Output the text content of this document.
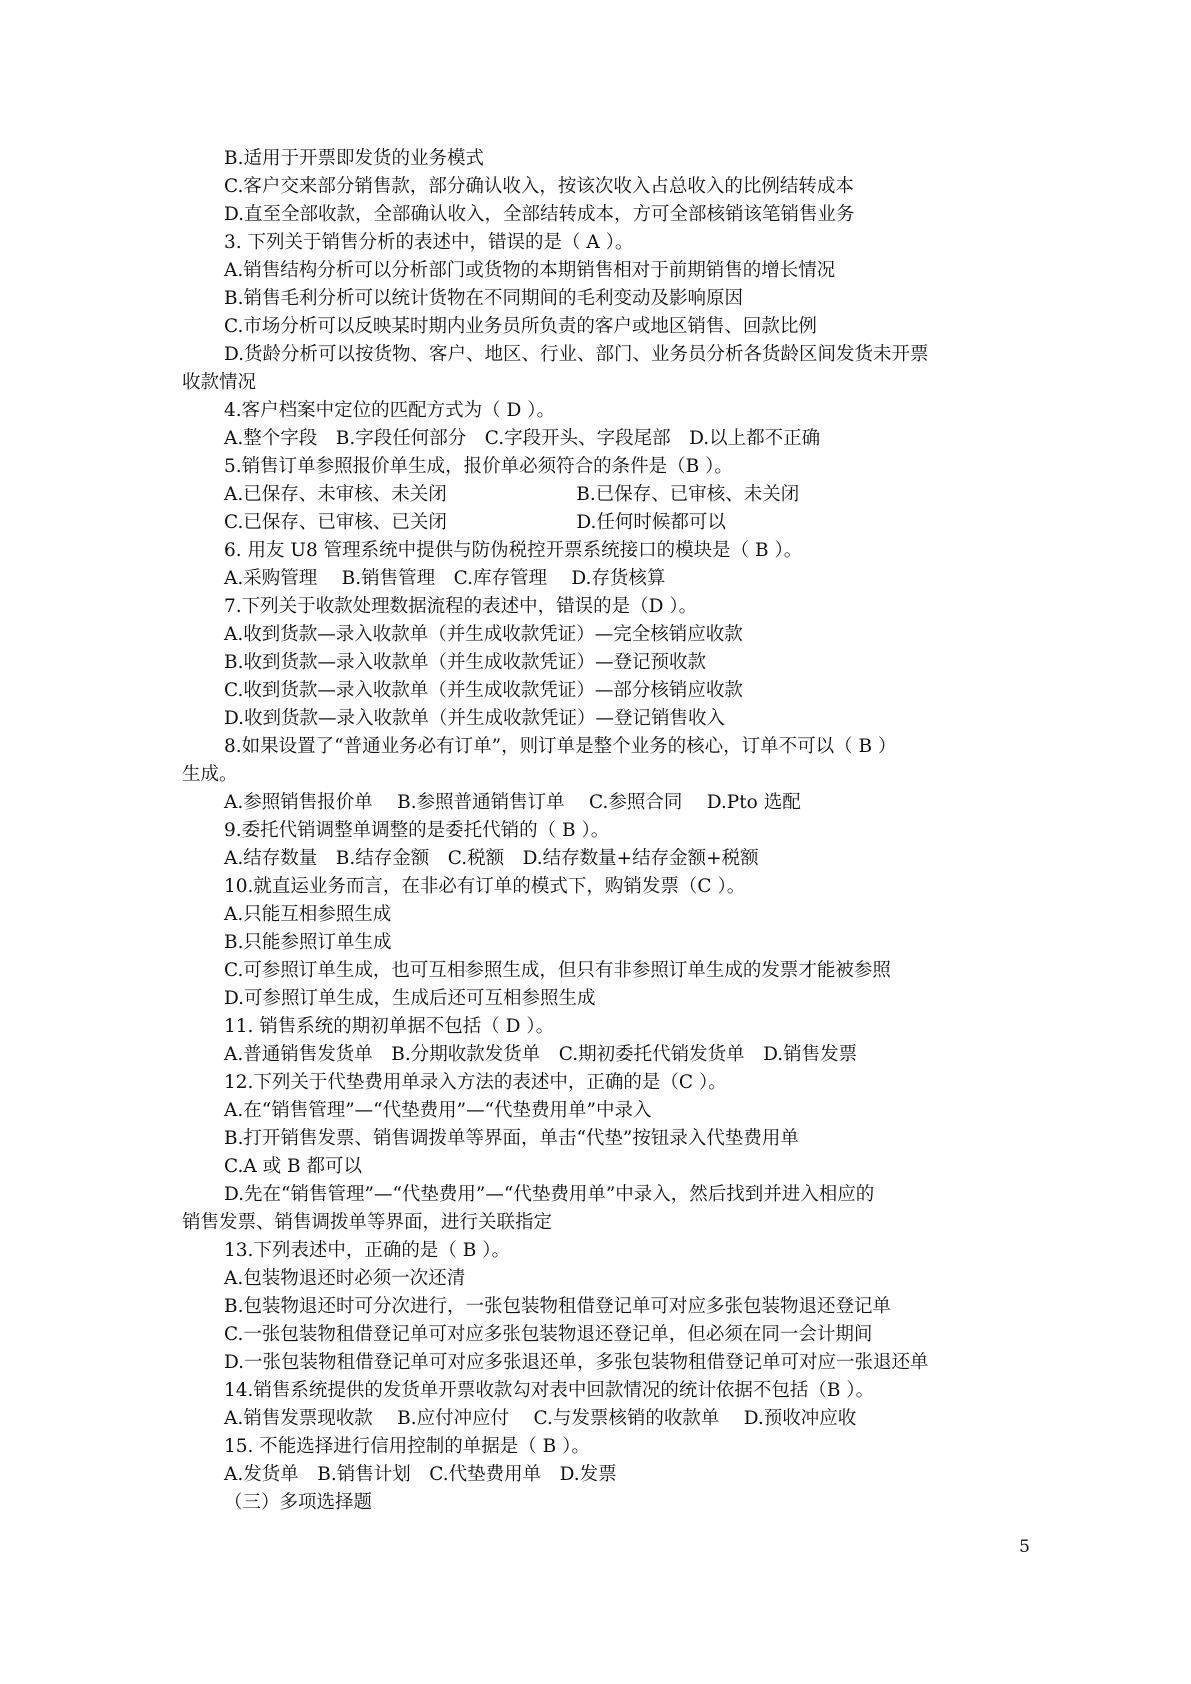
B.适用于开票即发货的业务模式
C.客户交来部分销售款，部分确认收入，按该次收入占总收入的比例结转成本
D.直至全部收款，全部确认收入，全部结转成本，方可全部核销该笔销售业务
3. 下列关于销售分析的表述中，错误的是（ A ）。
A.销售结构分析可以分析部门或货物的本期销售相对于前期销售的增长情况
B.销售毛利分析可以统计货物在不同期间的毛利变动及影响原因
C.市场分析可以反映某时期内业务员所负责的客户或地区销售、回款比例
D.货龄分析可以按货物、客户、地区、行业、部门、业务员分析各货龄区间发货未开票
收款情况
4.客户档案中定位的匹配方式为（ D ）。
A.整个字段　B.字段任何部分　C.字段开头、字段尾部　D.以上都不正确
5.销售订单参照报价单生成，报价单必须符合的条件是（B ）。
A.已保存、未审核、未关闭　　　　　　　B.已保存、已审核、未关闭
C.已保存、已审核、已关闭　　　　　　　D.任何时候都可以
6. 用友 U8 管理系统中提供与防伪税控开票系统接口的模块是（ B ）。
A.采购管理　 B.销售管理　C.库存管理　 D.存货核算
7.下列关于收款处理数据流程的表述中，错误的是（D ）。
A.收到货款—录入收款单（并生成收款凭证）—完全核销应收款
B.收到货款—录入收款单（并生成收款凭证）—登记预收款
C.收到货款—录入收款单（并生成收款凭证）—部分核销应收款
D.收到货款—录入收款单（并生成收款凭证）—登记销售收入
8.如果设置了“普通业务必有订单”，则订单是整个业务的核心，订单不可以（ B ）
生成。
A.参照销售报价单　 B.参照普通销售订单　 C.参照合同　 D.Pto 选配
9.委托代销调整单调整的是委托代销的（ B ）。
A.结存数量　B.结存金额　C.税额　D.结存数量+结存金额+税额
10.就直运业务而言，在非必有订单的模式下，购销发票（C ）。
A.只能互相参照生成
B.只能参照订单生成
C.可参照订单生成，也可互相参照生成，但只有非参照订单生成的发票才能被参照
D.可参照订单生成，生成后还可互相参照生成
11. 销售系统的期初单据不包括（ D ）。
A.普通销售发货单　B.分期收款发货单　C.期初委托代销发货单　D.销售发票
12.下列关于代垫费用单录入方法的表述中，正确的是（C ）。
A.在“销售管理”—“代垫费用”—“代垫费用单”中录入
B.打开销售发票、销售调拨单等界面，单击“代垫”按钮录入代垫费用单
C.A 或 B 都可以
D.先在“销售管理”—“代垫费用”—“代垫费用单”中录入，然后找到并进入相应的
销售发票、销售调拨单等界面，进行关联指定
13.下列表述中，正确的是（ B ）。
A.包装物退还时必须一次还清
B.包装物退还时可分次进行，一张包装物租借登记单可对应多张包装物退还登记单
C.一张包装物租借登记单可对应多张包装物退还登记单，但必须在同一会计期间
D.一张包装物租借登记单可对应多张退还单，多张包装物租借登记单可对应一张退还单
14.销售系统提供的发货单开票收款勾对表中回款情况的统计依据不包括（B ）。
A.销售发票现收款　 B.应付冲应付　 C.与发票核销的收款单　 D.预收冲应收
15. 不能选择进行信用控制的单据是（ B ）。
A.发货单　B.销售计划　C.代垫费用单　D.发票
（三）多项选择题
5
